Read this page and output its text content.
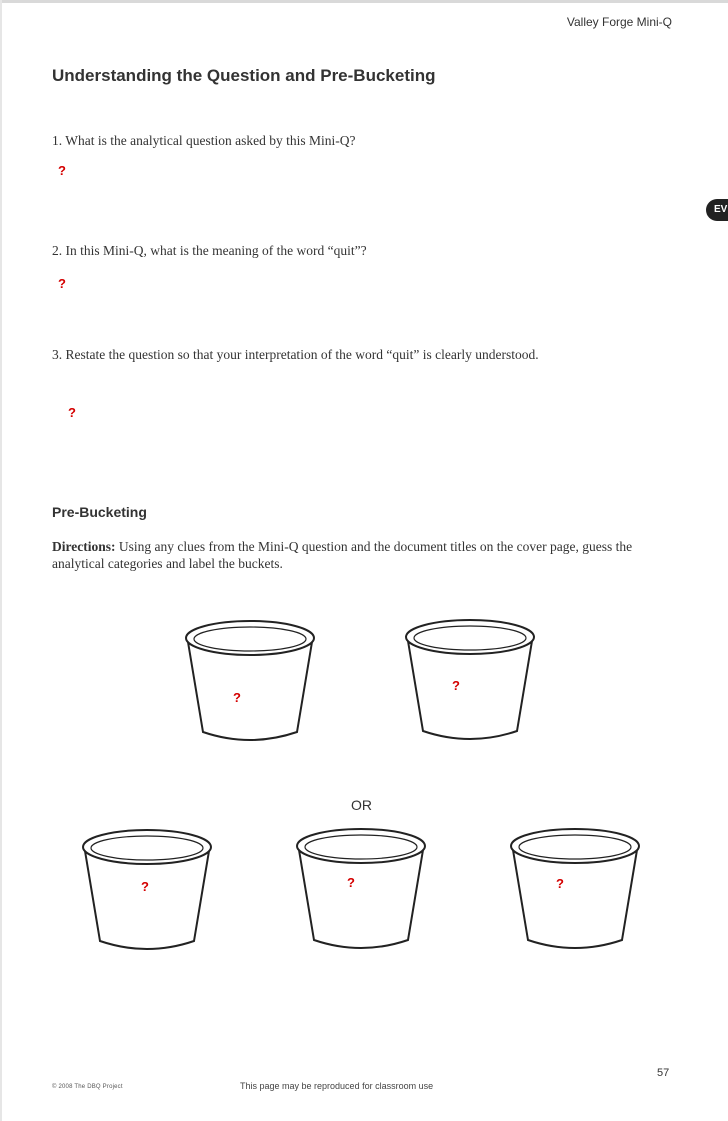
Valley Forge Mini-Q
Understanding the Question and Pre-Bucketing
EV
1. What is the analytical question asked by this Mini-Q?
?
2. In this Mini-Q, what is the meaning of the word “quit”?
?
3. Restate the question so that your interpretation of the word “quit” is clearly understood.
?
Pre-Bucketing
Directions: Using any clues from the Mini-Q question and the document titles on the cover page, guess the analytical categories and label the buckets.
?
?
OR
?	?	?
© 2008 The DBQ Project	This page may be reproduced for classroom use
57
